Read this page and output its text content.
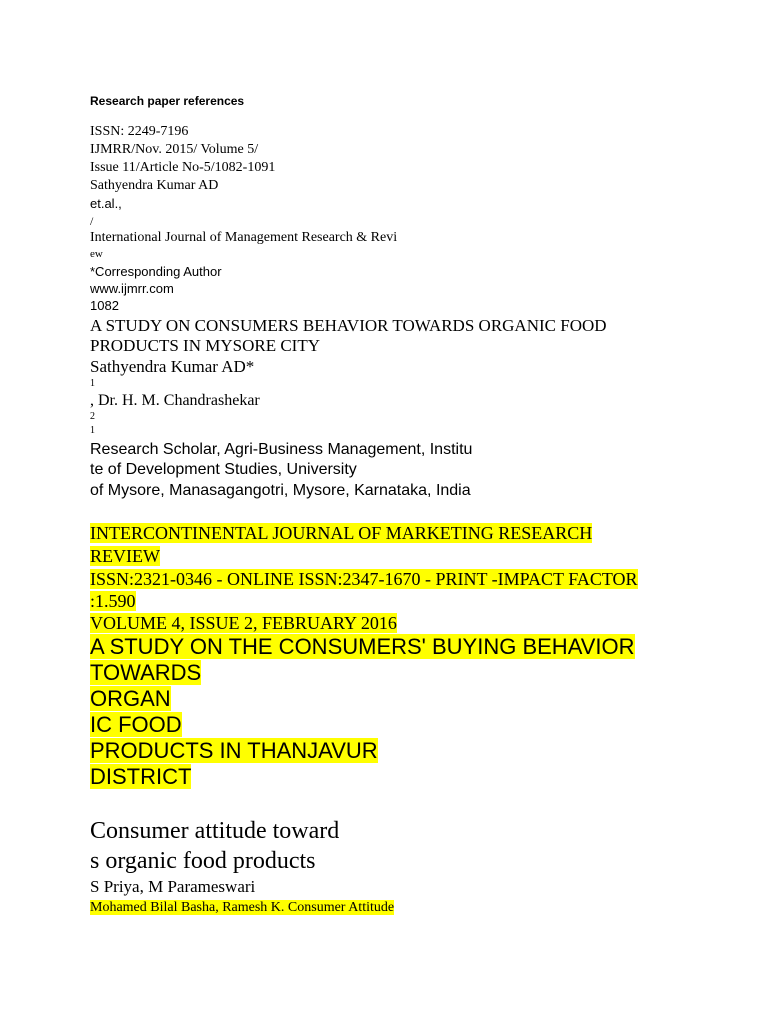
Research paper references

ISSN: 2249-7196

IJMRR/Nov. 2015/ Volume 5/

Issue 11/Article No-5/1082-1091

Sathyendra Kumar AD

et.al.,

/

International Journal of Management Research & Revi

ew

*Corresponding Author

www.ijmrr.com

1082

A STUDY ON CONSUMERS BEHAVIOR TOWARDS ORGANIC FOOD

PRODUCTS IN MYSORE CITY

Sathyendra Kumar AD*

1

, Dr. H. M. Chandrashekar

2

1

Research Scholar, Agri-Business Management, Institu

te of Development Studies, University

of Mysore, Manasagangotri, Mysore, Karnataka, India

INTERCONTINENTAL JOURNAL OF MARKETING RESEARCH

REVIEW

ISSN:2321-0346 - ONLINE ISSN:2347-1670 - PRINT -IMPACT FACTOR

:1.590

VOLUME 4, ISSUE 2, FEBRUARY 2016

A STUDY ON THE CONSUMERS' BUYING BEHAVIOR

TOWARDS

ORGAN

IC FOOD

PRODUCTS IN THANJAVUR

DISTRICT

Consumer attitude toward

s organic food products

S Priya, M Parameswari

Mohamed Bilal Basha, Ramesh K. Consumer Attitude
